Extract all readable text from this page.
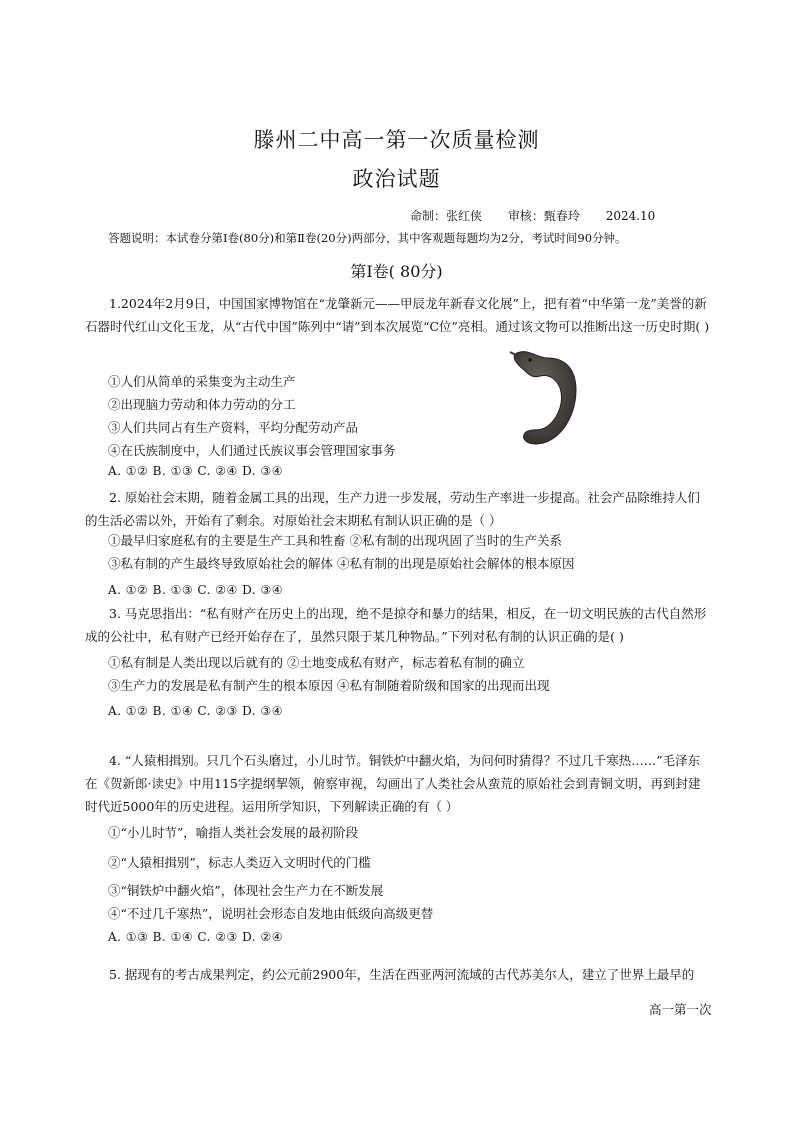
滕州二中高一第一次质量检测
政治试题
命制：张红侠 审核：甄春玲 2024.10
答题说明：本试卷分第Ⅰ卷(80分)和第Ⅱ卷(20分)两部分，其中客观题每题均为2分，考试时间90分钟。
第Ⅰ卷( 80分)
1.2024年2月9日，中国国家博物馆在“龙肇新元——甲辰龙年新春文化展”上，把有着“中华第一龙”美誉的新石器时代红山文化玉龙，从“古代中国”陈列中“请”到本次展览“C位”亮相。通过该文物可以推断出这一历史时期( )
①人们从简单的采集变为主动生产
②出现脑力劳动和体力劳动的分工
③人们共同占有生产资料，平均分配劳动产品
④在氏族制度中，人们通过氏族议事会管理国家事务
A. ①② B. ①③ C. ②④ D. ③④
2. 原始社会末期，随着金属工具的出现，生产力进一步发展，劳动生产率进一步提高。社会产品除维持人们的生活必需以外，开始有了剩余。对原始社会末期私有制认识正确的是（ ）
①最早归家庭私有的主要是生产工具和牲畜 ②私有制的出现巩固了当时的生产关系
③私有制的产生最终导致原始社会的解体 ④私有制的出现是原始社会解体的根本原因
A. ①② B. ①③ C. ②④ D. ③④
3. 马克思指出：“私有财产在历史上的出现，绝不是掠夺和暴力的结果，相反，在一切文明民族的古代自然形成的公社中，私有财产已经开始存在了，虽然只限于某几种物品。”下列对私有制的认识正确的是( )
①私有制是人类出现以后就有的 ②土地变成私有财产，标志着私有制的确立
③生产力的发展是私有制产生的根本原因 ④私有制随着阶级和国家的出现而出现
A. ①② B. ①④ C. ②③ D. ③④
4. “人猿相揖别。只几个石头磨过，小儿时节。铜铁炉中翻火焰，为问何时猜得？不过几千寒热……”毛泽东在《贺新郎·读史》中用115字提纲挈领，俯察审视，勾画出了人类社会从蛮荒的原始社会到青铜文明，再到封建时代近5000年的历史进程。运用所学知识，下列解读正确的有（ ）
①“小儿时节”，喻指人类社会发展的最初阶段
②“人猿相揖别”，标志人类迈入文明时代的门槛
③“铜铁炉中翻火焰”，体现社会生产力在不断发展
④“不过几千寒热”，说明社会形态自发地由低级向高级更替
A. ①③ B. ①④ C. ②③ D. ②④
5. 据现有的考古成果判定，约公元前2900年，生活在西亚两河流域的古代苏美尔人，建立了世界上最早的
高一第一次
